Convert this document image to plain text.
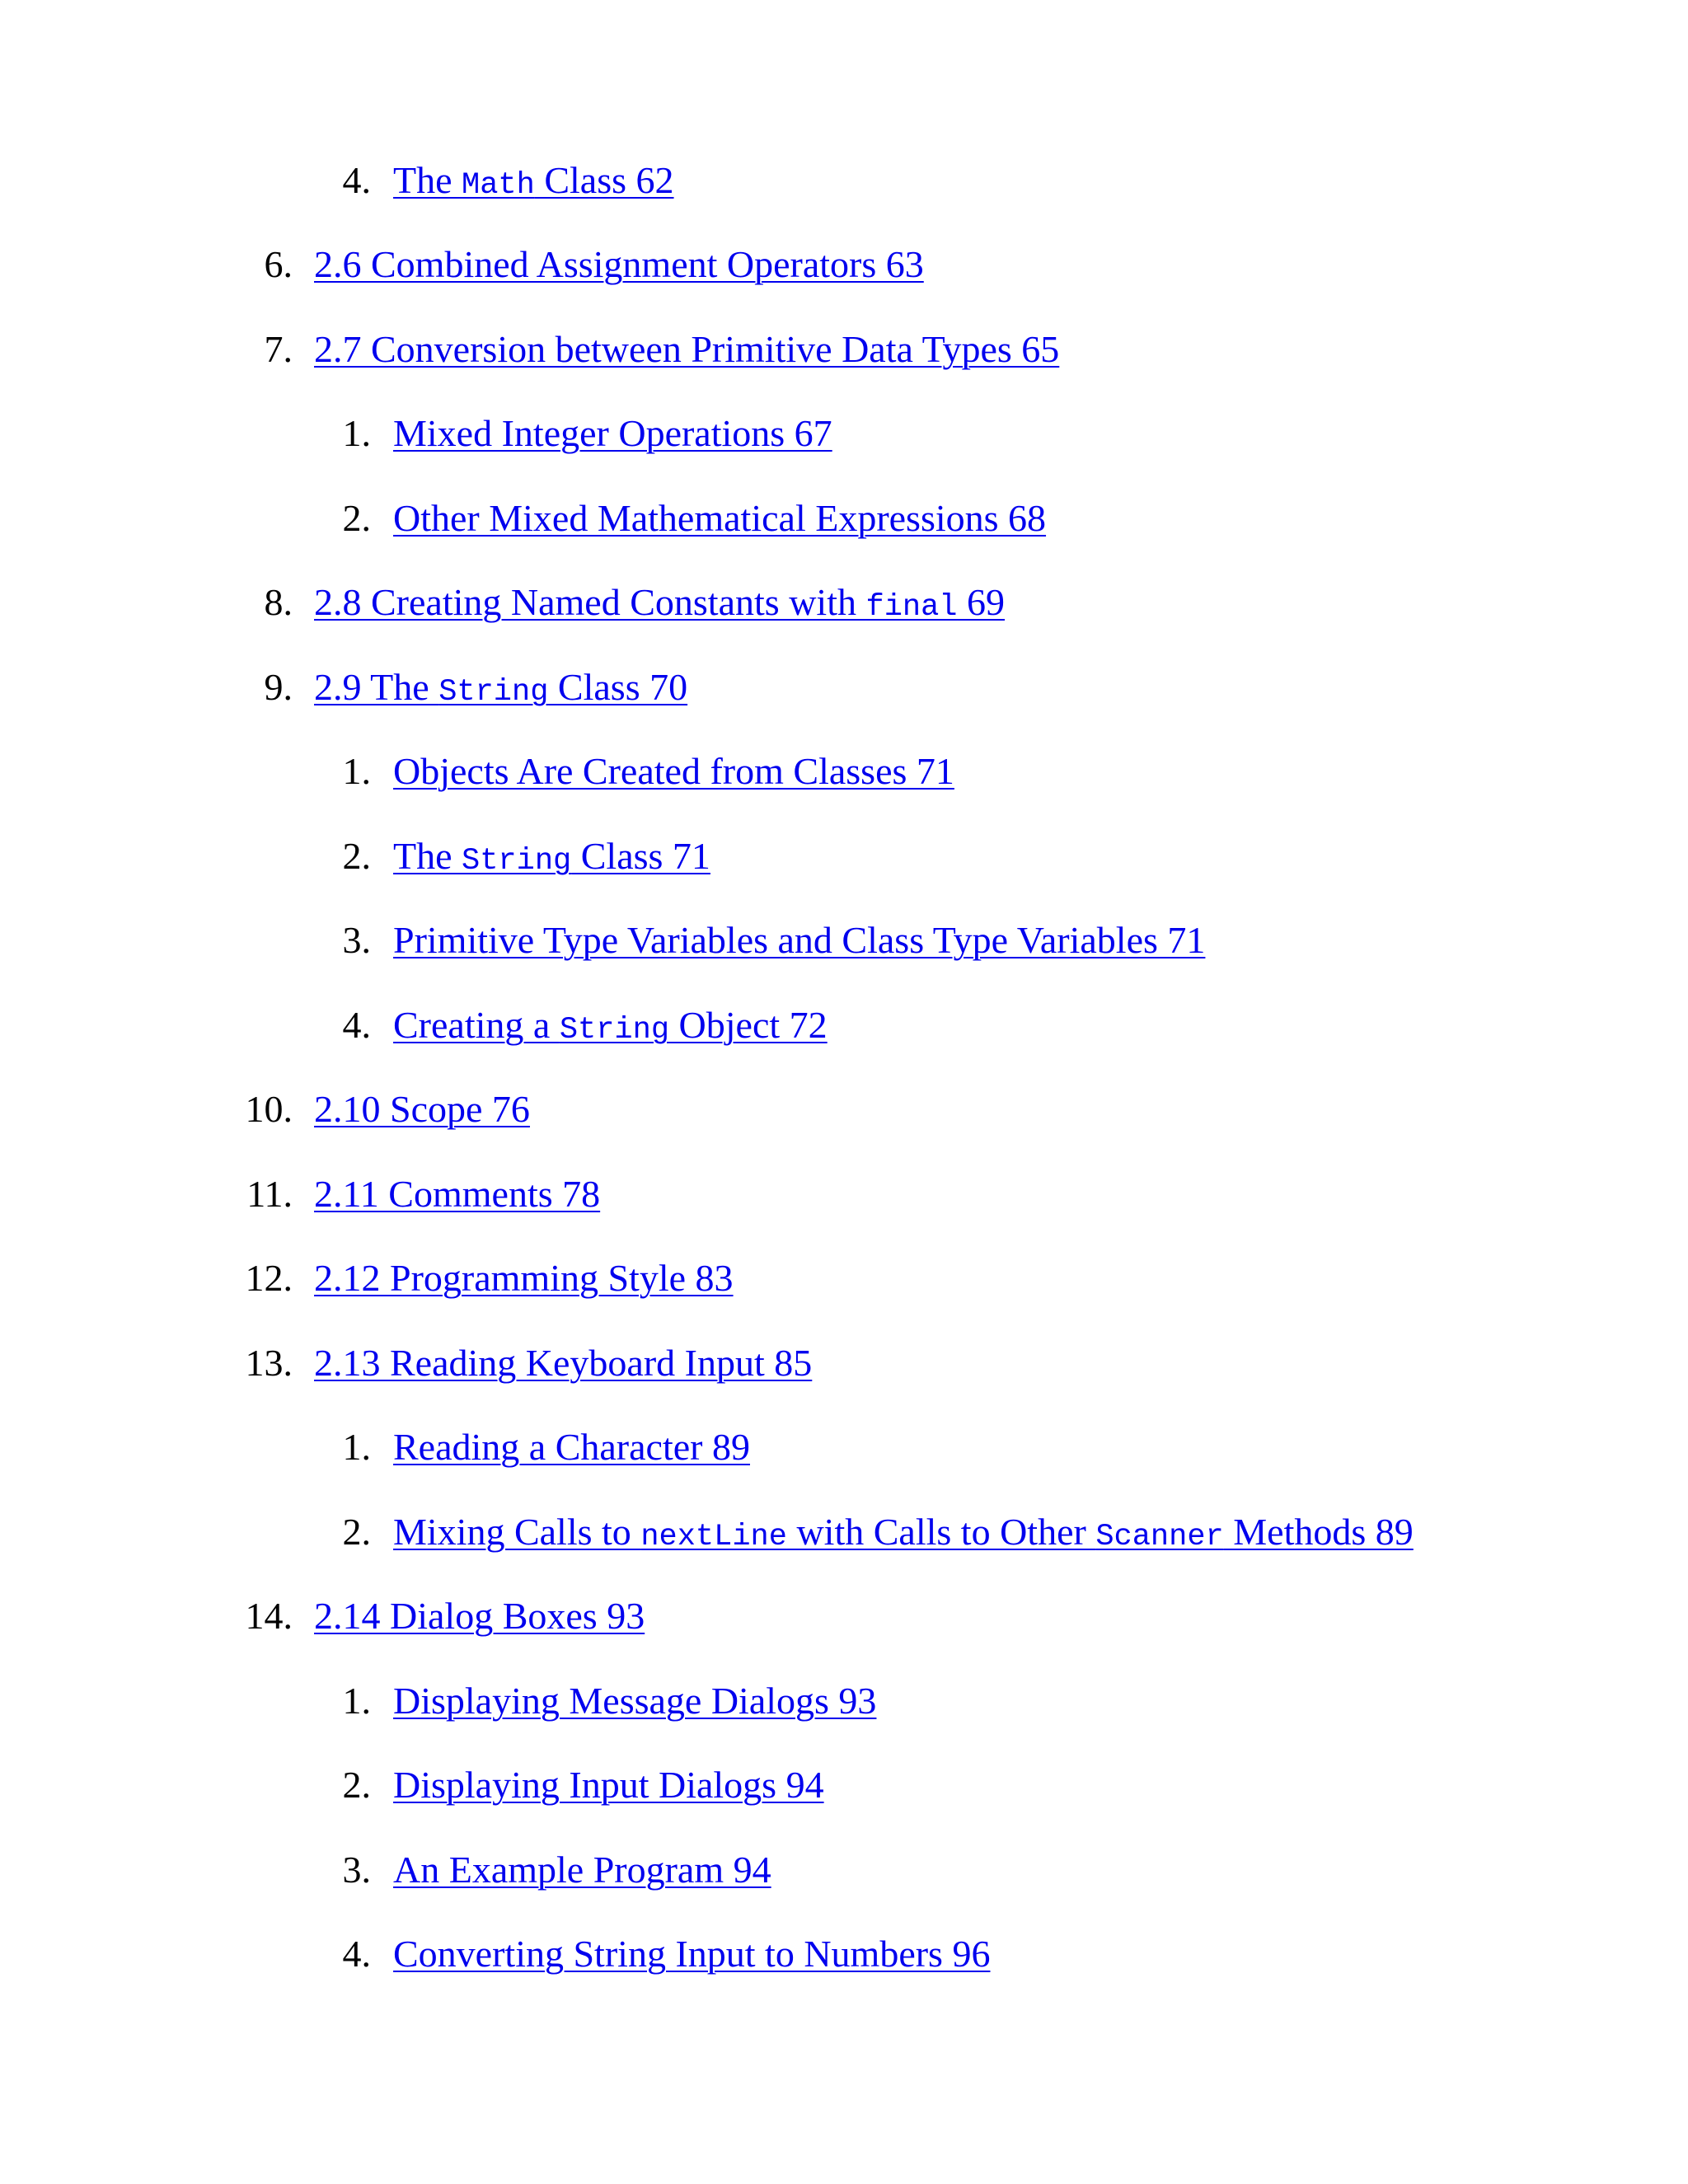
4. The Math Class 62
6. 2.6 Combined Assignment Operators 63
7. 2.7 Conversion between Primitive Data Types 65
1. Mixed Integer Operations 67
2. Other Mixed Mathematical Expressions 68
8. 2.8 Creating Named Constants with final 69
9. 2.9 The String Class 70
1. Objects Are Created from Classes 71
2. The String Class 71
3. Primitive Type Variables and Class Type Variables 71
4. Creating a String Object 72
10. 2.10 Scope 76
11. 2.11 Comments 78
12. 2.12 Programming Style 83
13. 2.13 Reading Keyboard Input 85
1. Reading a Character 89
2. Mixing Calls to nextLine with Calls to Other Scanner Methods 89
14. 2.14 Dialog Boxes 93
1. Displaying Message Dialogs 93
2. Displaying Input Dialogs 94
3. An Example Program 94
4. Converting String Input to Numbers 96
